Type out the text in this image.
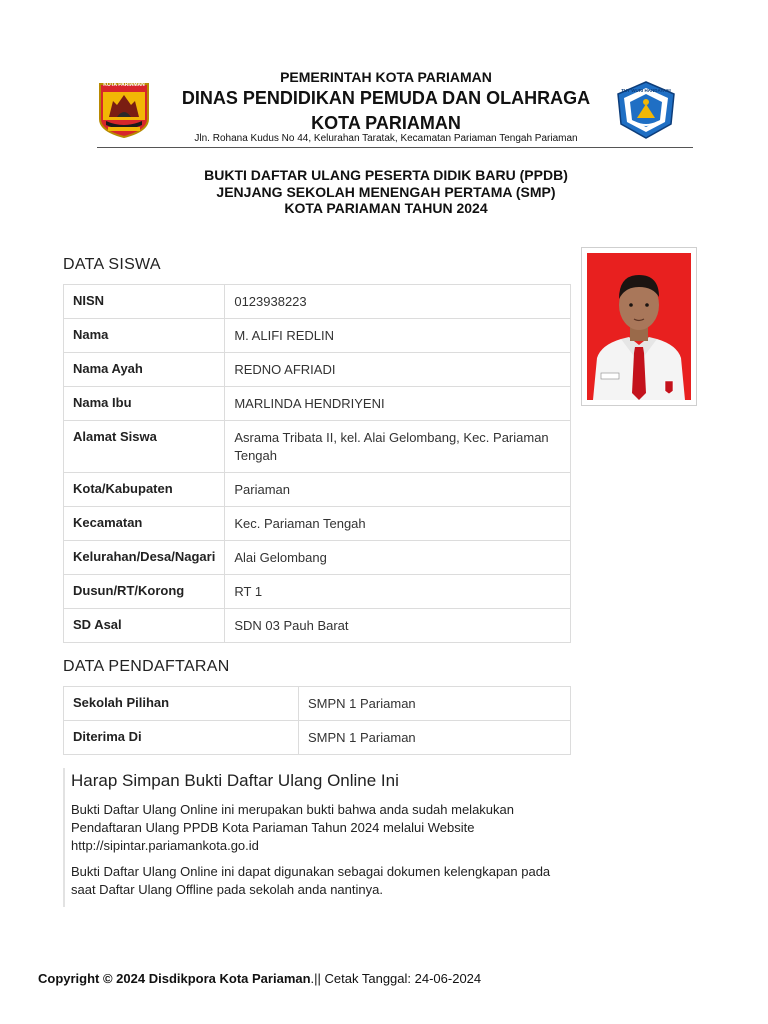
KOTA PARIAMAN
TUT WURI HANDAYANI
PEMERINTAH KOTA PARIAMAN
DINAS PENDIDIKAN PEMUDA DAN OLAHRAGA
KOTA PARIAMAN
Jln. Rohana Kudus No 44, Kelurahan Taratak, Kecamatan Pariaman Tengah Pariaman
BUKTI DAFTAR ULANG PESERTA DIDIK BARU (PPDB)
JENJANG SEKOLAH MENENGAH PERTAMA (SMP)
KOTA PARIAMAN TAHUN 2024
DATA SISWA
NISN	0123938223

Nama	M. ALIFI REDLIN

Nama Ayah	REDNO AFRIADI

Nama Ibu	MARLINDA HENDRIYENI

Alamat Siswa	Asrama Tribata II, kel. Alai Gelombang, Kec. Pariaman Tengah

Kota/Kabupaten	Pariaman

Kecamatan	Kec. Pariaman Tengah

Kelurahan/Desa/Nagari	Alai Gelombang

Dusun/RT/Korong	RT 1

SD Asal	SDN 03 Pauh Barat
DATA PENDAFTARAN
Sekolah Pilihan	SMPN 1 Pariaman

Diterima Di	SMPN 1 Pariaman
Harap Simpan Bukti Daftar Ulang Online Ini

Bukti Daftar Ulang Online ini merupakan bukti bahwa anda sudah melakukan Pendaftaran Ulang PPDB Kota Pariaman Tahun 2024 melalui Website http://sipintar.pariamankota.go.id

Bukti Daftar Ulang Online ini dapat digunakan sebagai dokumen kelengkapan pada saat Daftar Ulang Offline pada sekolah anda nantinya.

Copyright © 2024 Disdikpora Kota Pariaman.|| Cetak Tanggal: 24-06-2024
